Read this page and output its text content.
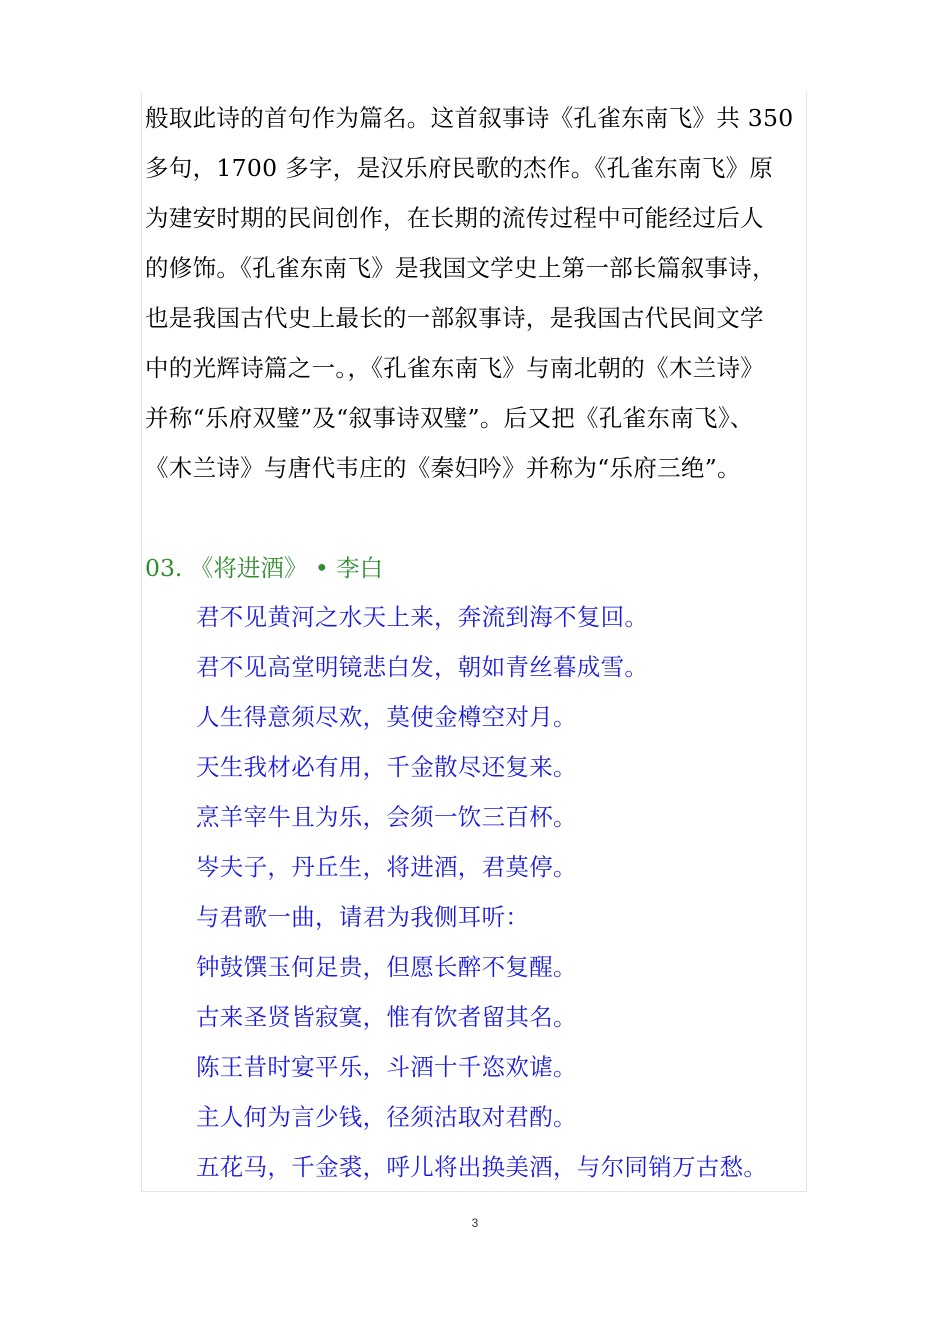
般取此诗的首句作为篇名。这首叙事诗《孔雀东南飞》共 350
多句，1700 多字，是汉乐府民歌的杰作。《孔雀东南飞》原
为建安时期的民间创作，在长期的流传过程中可能经过后人
的修饰。《孔雀东南飞》是我国文学史上第一部长篇叙事诗，
也是我国古代史上最长的一部叙事诗，是我国古代民间文学
中的光辉诗篇之一。，《孔雀东南飞》与南北朝的《木兰诗》
并称“乐府双璧”及“叙事诗双璧”。后又把《孔雀东南飞》、
《木兰诗》与唐代韦庄的《秦妇吟》并称为“乐府三绝”。
03. 《将进酒》 • 李白
君不见黄河之水天上来，奔流到海不复回。
君不见高堂明镜悲白发，朝如青丝暮成雪。
人生得意须尽欢，莫使金樽空对月。
天生我材必有用，千金散尽还复来。
烹羊宰牛且为乐，会须一饮三百杯。
岑夫子，丹丘生，将进酒，君莫停。
与君歌一曲，请君为我侧耳听：
钟鼓馔玉何足贵，但愿长醉不复醒。
古来圣贤皆寂寞，惟有饮者留其名。
陈王昔时宴平乐，斗酒十千恣欢谑。
主人何为言少钱，径须沽取对君酌。
五花马，千金裘，呼儿将出换美酒，与尔同销万古愁。
3
